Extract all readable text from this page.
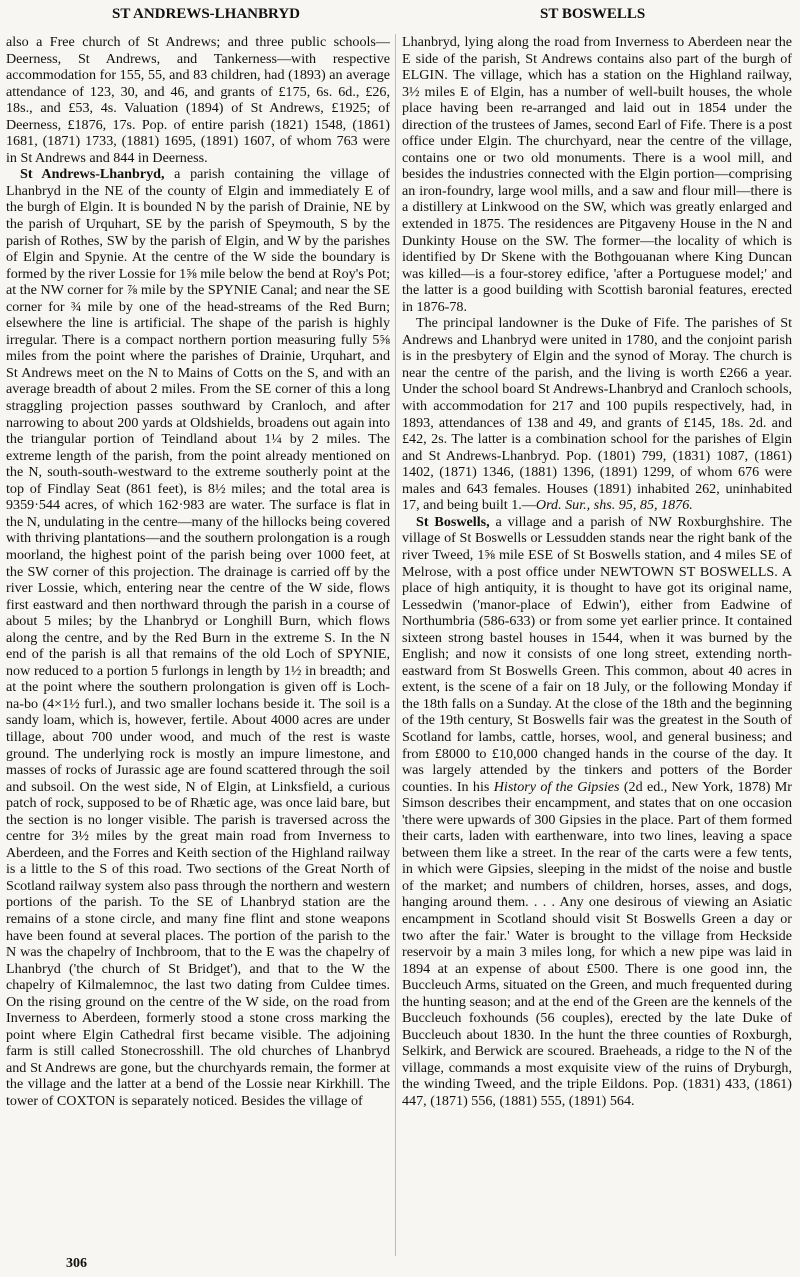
ST ANDREWS-LHANBRYD	ST BOSWELLS

also a Free church of St Andrews; and three public schools—Deerness, St Andrews, and Tankerness—with respective accommodation for 155, 55, and 83 children, had (1893) an average attendance of 123, 30, and 46, and grants of £175, 6s. 6d., £26, 18s., and £53, 4s. Valuation (1894) of St Andrews, £1925; of Deerness, £1876, 17s. Pop. of entire parish (1821) 1548, (1861) 1681, (1871) 1733, (1881) 1695, (1891) 1607, of whom 763 were in St Andrews and 844 in Deerness.

St Andrews-Lhanbryd, a parish containing the village of Lhanbryd in the NE of the county of Elgin and immediately E of the burgh of Elgin. It is bounded N by the parish of Drainie, NE by the parish of Urquhart, SE by the parish of Speymouth, S by the parish of Rothes, SW by the parish of Elgin, and W by the parishes of Elgin and Spynie. At the centre of the W side the boundary is formed by the river Lossie for 1⅝ mile below the bend at Roy's Pot; at the NW corner for ⅞ mile by the SPYNIE Canal; and near the SE corner for ¾ mile by one of the head-streams of the Red Burn; elsewhere the line is artificial. The shape of the parish is highly irregular. There is a compact northern portion measuring fully 5⅝ miles from the point where the parishes of Drainie, Urquhart, and St Andrews meet on the N to Mains of Cotts on the S, and with an average breadth of about 2 miles. From the SE corner of this a long straggling projection passes southward by Cranloch, and after narrowing to about 200 yards at Oldshields, broadens out again into the triangular portion of Teindland about 1¼ by 2 miles. The extreme length of the parish, from the point already mentioned on the N, south-south-westward to the extreme southerly point at the top of Findlay Seat (861 feet), is 8½ miles; and the total area is 9359·544 acres, of which 162·983 are water. The surface is flat in the N, undulating in the centre—many of the hillocks being covered with thriving plantations—and the southern prolongation is a rough moorland, the highest point of the parish being over 1000 feet, at the SW corner of this projection. The drainage is carried off by the river Lossie, which, entering near the centre of the W side, flows first eastward and then northward through the parish in a course of about 5 miles; by the Lhanbryd or Longhill Burn, which flows along the centre, and by the Red Burn in the extreme S. In the N end of the parish is all that remains of the old Loch of SPYNIE, now reduced to a portion 5 furlongs in length by 1½ in breadth; and at the point where the southern prolongation is given off is Loch-na-bo (4×1½ furl.), and two smaller lochans beside it. The soil is a sandy loam, which is, however, fertile. About 4000 acres are under tillage, about 700 under wood, and much of the rest is waste ground. The underlying rock is mostly an impure limestone, and masses of rocks of Jurassic age are found scattered through the soil and subsoil. On the west side, N of Elgin, at Linksfield, a curious patch of rock, supposed to be of Rhætic age, was once laid bare, but the section is no longer visible. The parish is traversed across the centre for 3½ miles by the great main road from Inverness to Aberdeen, and the Forres and Keith section of the Highland railway is a little to the S of this road. Two sections of the Great North of Scotland railway system also pass through the northern and western portions of the parish. To the SE of Lhanbryd station are the remains of a stone circle, and many fine flint and stone weapons have been found at several places. The portion of the parish to the N was the chapelry of Inchbroom, that to the E was the chapelry of Lhanbryd ('the church of St Bridget'), and that to the W the chapelry of Kilmalemnoc, the last two dating from Culdee times. On the rising ground on the centre of the W side, on the road from Inverness to Aberdeen, formerly stood a stone cross marking the point where Elgin Cathedral first became visible. The adjoining farm is still called Stonecrosshill. The old churches of Lhanbryd and St Andrews are gone, but the churchyards remain, the former at the village and the latter at a bend of the Lossie near Kirkhill. The tower of COXTON is separately noticed. Besides the village of

Lhanbryd, lying along the road from Inverness to Aberdeen near the E side of the parish, St Andrews contains also part of the burgh of ELGIN. The village, which has a station on the Highland railway, 3½ miles E of Elgin, has a number of well-built houses, the whole place having been re-arranged and laid out in 1854 under the direction of the trustees of James, second Earl of Fife. There is a post office under Elgin. The churchyard, near the centre of the village, contains one or two old monuments. There is a wool mill, and besides the industries connected with the Elgin portion—comprising an iron-foundry, large wool mills, and a saw and flour mill—there is a distillery at Linkwood on the SW, which was greatly enlarged and extended in 1875. The residences are Pitgaveny House in the N and Dunkinty House on the SW. The former—the locality of which is identified by Dr Skene with the Bothgouanan where King Duncan was killed—is a four-storey edifice, 'after a Portuguese model;' and the latter is a good building with Scottish baronial features, erected in 1876-78.

The principal landowner is the Duke of Fife. The parishes of St Andrews and Lhanbryd were united in 1780, and the conjoint parish is in the presbytery of Elgin and the synod of Moray. The church is near the centre of the parish, and the living is worth £266 a year. Under the school board St Andrews-Lhanbryd and Cranloch schools, with accommodation for 217 and 100 pupils respectively, had, in 1893, attendances of 138 and 49, and grants of £145, 18s. 2d. and £42, 2s. The latter is a combination school for the parishes of Elgin and St Andrews-Lhanbryd. Pop. (1801) 799, (1831) 1087, (1861) 1402, (1871) 1346, (1881) 1396, (1891) 1299, of whom 676 were males and 643 females. Houses (1891) inhabited 262, uninhabited 17, and being built 1.—Ord. Sur., shs. 95, 85, 1876.

St Boswells, a village and a parish of NW Roxburghshire. The village of St Boswells or Lessudden stands near the right bank of the river Tweed, 1⅝ mile ESE of St Boswells station, and 4 miles SE of Melrose, with a post office under NEWTOWN ST BOSWELLS. A place of high antiquity, it is thought to have got its original name, Lessedwin ('manor-place of Edwin'), either from Eadwine of Northumbria (586-633) or from some yet earlier prince. It contained sixteen strong bastel houses in 1544, when it was burned by the English; and now it consists of one long street, extending north-eastward from St Boswells Green. This common, about 40 acres in extent, is the scene of a fair on 18 July, or the following Monday if the 18th falls on a Sunday. At the close of the 18th and the beginning of the 19th century, St Boswells fair was the greatest in the South of Scotland for lambs, cattle, horses, wool, and general business; and from £8000 to £10,000 changed hands in the course of the day. It was largely attended by the tinkers and potters of the Border counties. In his History of the Gipsies (2d ed., New York, 1878) Mr Simson describes their encampment, and states that on one occasion 'there were upwards of 300 Gipsies in the place. Part of them formed their carts, laden with earthenware, into two lines, leaving a space between them like a street. In the rear of the carts were a few tents, in which were Gipsies, sleeping in the midst of the noise and bustle of the market; and numbers of children, horses, asses, and dogs, hanging around them. . . . Any one desirous of viewing an Asiatic encampment in Scotland should visit St Boswells Green a day or two after the fair.' Water is brought to the village from Heckside reservoir by a main 3 miles long, for which a new pipe was laid in 1894 at an expense of about £500. There is one good inn, the Buccleuch Arms, situated on the Green, and much frequented during the hunting season; and at the end of the Green are the kennels of the Buccleuch foxhounds (56 couples), erected by the late Duke of Buccleuch about 1830. In the hunt the three counties of Roxburgh, Selkirk, and Berwick are scoured. Braeheads, a ridge to the N of the village, commands a most exquisite view of the ruins of Dryburgh, the winding Tweed, and the triple Eildons. Pop. (1831) 433, (1861) 447, (1871) 556, (1881) 555, (1891) 564.

306
